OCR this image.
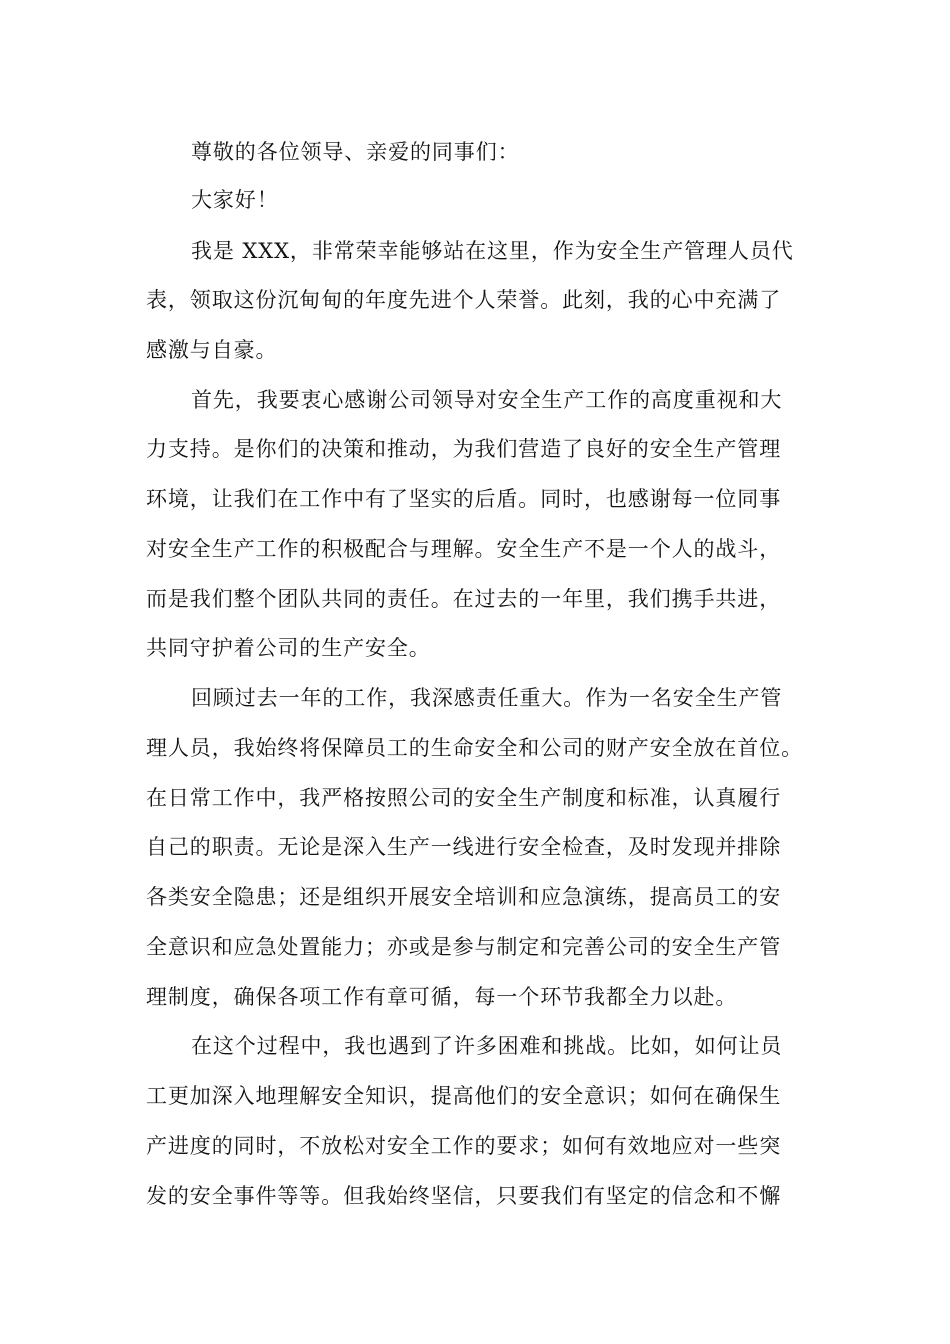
尊敬的各位领导、亲爱的同事们：
大家好！
我是 XXX，非常荣幸能够站在这里，作为安全生产管理人员代
表，领取这份沉甸甸的年度先进个人荣誉。此刻，我的心中充满了
感激与自豪。
首先，我要衷心感谢公司领导对安全生产工作的高度重视和大
力支持。是你们的决策和推动，为我们营造了良好的安全生产管理
环境，让我们在工作中有了坚实的后盾。同时，也感谢每一位同事
对安全生产工作的积极配合与理解。安全生产不是一个人的战斗，
而是我们整个团队共同的责任。在过去的一年里，我们携手共进，
共同守护着公司的生产安全。
回顾过去一年的工作，我深感责任重大。作为一名安全生产管
理人员，我始终将保障员工的生命安全和公司的财产安全放在首位。
在日常工作中，我严格按照公司的安全生产制度和标准，认真履行
自己的职责。无论是深入生产一线进行安全检查，及时发现并排除
各类安全隐患；还是组织开展安全培训和应急演练，提高员工的安
全意识和应急处置能力；亦或是参与制定和完善公司的安全生产管
理制度，确保各项工作有章可循，每一个环节我都全力以赴。
在这个过程中，我也遇到了许多困难和挑战。比如，如何让员
工更加深入地理解安全知识，提高他们的安全意识；如何在确保生
产进度的同时，不放松对安全工作的要求；如何有效地应对一些突
发的安全事件等等。但我始终坚信，只要我们有坚定的信念和不懈
